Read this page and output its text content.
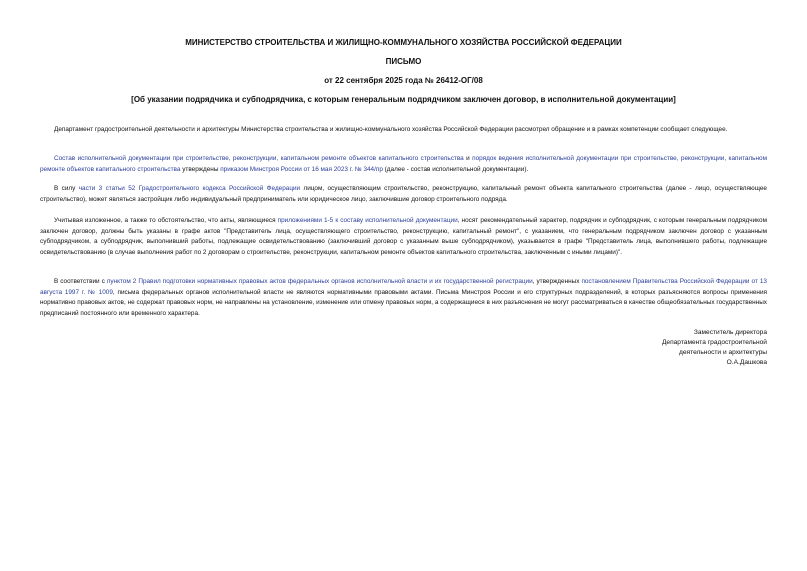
МИНИСТЕРСТВО СТРОИТЕЛЬСТВА И ЖИЛИЩНО-КОММУНАЛЬНОГО ХОЗЯЙСТВА РОССИЙСКОЙ ФЕДЕРАЦИИ
ПИСЬМО
от 22 сентября 2025 года № 26412-ОГ/08
[Об указании подрядчика и субподрядчика, с которым генеральным подрядчиком заключен договор, в исполнительной документации]

Департамент градостроительной деятельности и архитектуры Министерства строительства и жилищно-коммунального хозяйства Российской Федерации рассмотрел обращение и в рамках компетенции сообщает следующее.

Состав исполнительной документации при строительстве, реконструкции, капитальном ремонте объектов капитального строительства и порядок ведения исполнительной документации при строительстве, реконструкции, капитальном ремонте объектов капитального строительства утверждены приказом Минстроя России от 16 мая 2023 г. № 344/пр (далее - состав исполнительной документации).

В силу части 3 статьи 52 Градостроительного кодекса Российской Федерации лицом, осуществляющим строительство, реконструкцию, капитальный ремонт объекта капитального строительства (далее - лицо, осуществляющее строительство), может являться застройщик либо индивидуальный предприниматель или юридическое лицо, заключившие договор строительного подряда.

Учитывая изложенное, а также то обстоятельство, что акты, являющиеся приложениями 1-5 к составу исполнительной документации, носят рекомендательный характер, подрядчик и субподрядчик, с которым генеральным подрядчиком заключен договор, должны быть указаны в графе актов "Представитель лица, осуществляющего строительство, реконструкцию, капитальный ремонт", с указанием, что генеральным подрядчиком заключен договор с указанным субподрядчиком, а субподрядчик, выполнивший работы, подлежащие освидетельствованию (заключивший договор с указанным выше субподрядчиком), указывается в графе "Представитель лица, выполнившего работы, подлежащие освидетельствованию (в случае выполнения работ по 2 договорам о строительстве, реконструкции, капитальном ремонте объектов капитального строительства, заключенным с иными лицами)".

В соответствии с пунктом 2 Правил подготовки нормативных правовых актов федеральных органов исполнительной власти и их государственной регистрации, утвержденных постановлением Правительства Российской Федерации от 13 августа 1997 г. № 1009, письма федеральных органов исполнительной власти не являются нормативными правовыми актами. Письма Минстроя России и его структурных подразделений, в которых разъясняются вопросы применения нормативно правовых актов, не содержат правовых норм, не направлены на установление, изменение или отмену правовых норм, а содержащиеся в них разъяснения не могут рассматриваться в качестве общеобязательных государственных предписаний постоянного или временного характера.

Заместитель директора
Департамента градостроительной
деятельности и архитектуры
О.А.Дашкова
